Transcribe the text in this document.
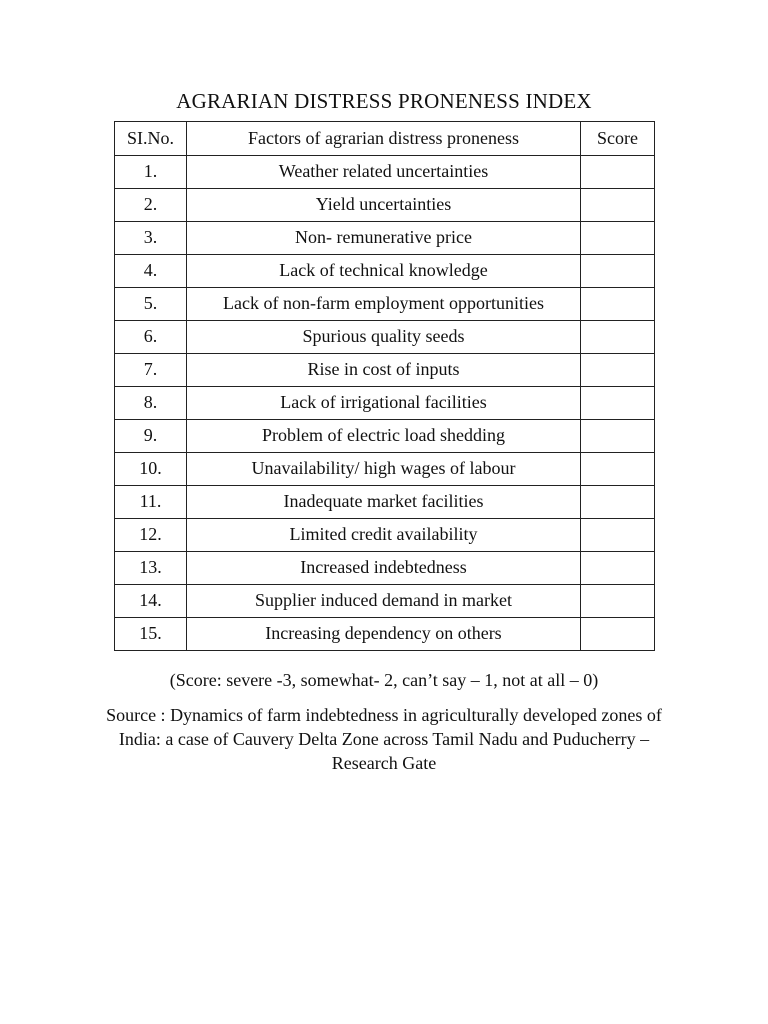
AGRARIAN DISTRESS PRONENESS INDEX
SI.No.	Factors of agrarian distress proneness	Score
1.	Weather related uncertainties	
2.	Yield uncertainties	
3.	Non- remunerative price	
4.	Lack of technical knowledge	
5.	Lack of non-farm employment opportunities	
6.	Spurious quality seeds	
7.	Rise in cost of inputs	
8.	Lack of irrigational facilities	
9.	Problem of electric load shedding	
10.	Unavailability/ high wages of labour	
11.	Inadequate market facilities	
12.	Limited credit availability	
13.	Increased indebtedness	
14.	Supplier induced demand in market	
15.	Increasing dependency on others	
(Score: severe -3, somewhat- 2, can’t say – 1, not at all – 0)
Source : Dynamics of farm indebtedness in agriculturally developed zones of India: a case of Cauvery Delta Zone across Tamil Nadu and Puducherry – Research Gate
